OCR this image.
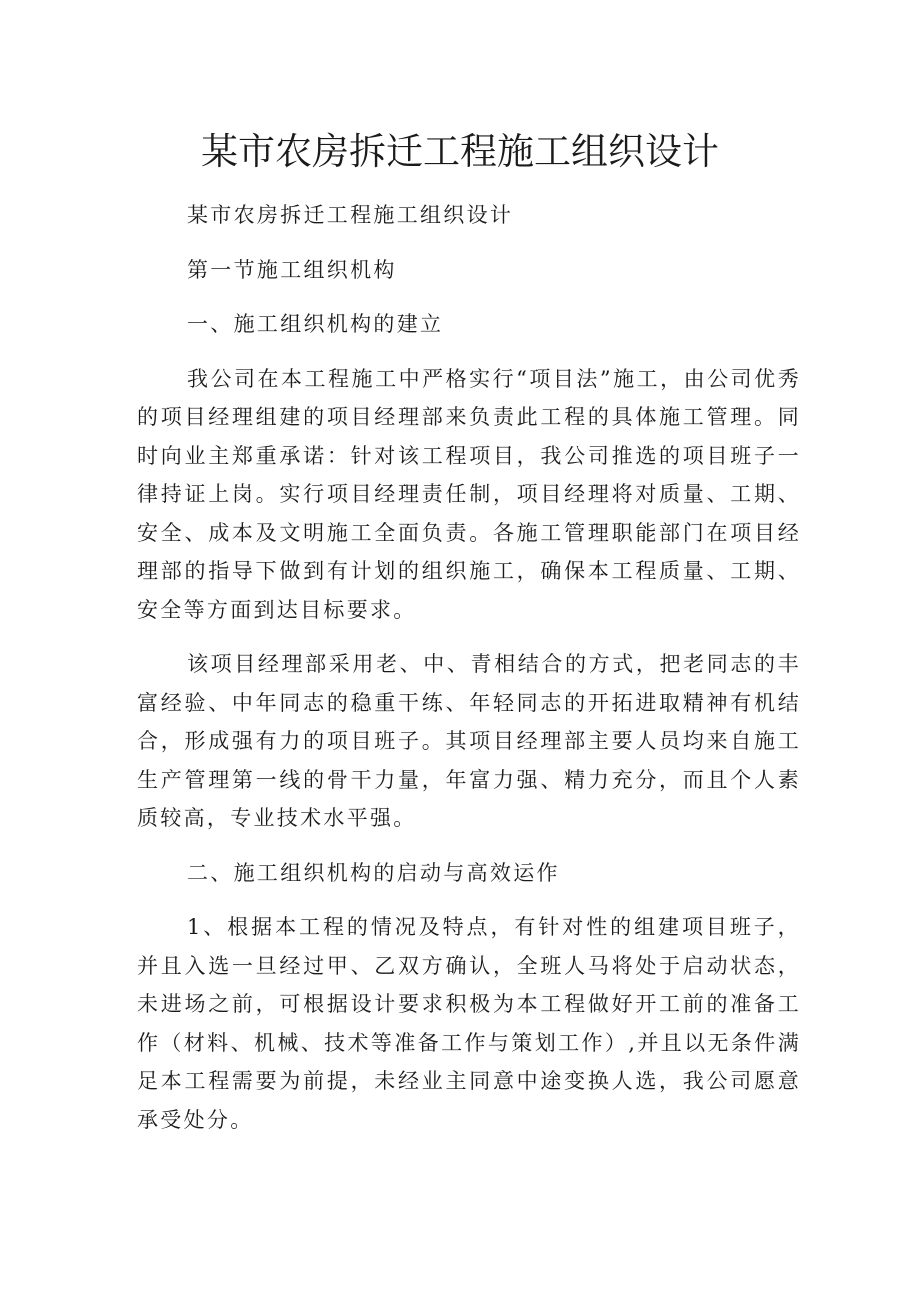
某市农房拆迁工程施工组织设计

某市农房拆迁工程施工组织设计

第一节施工组织机构

一、施工组织机构的建立

我公司在本工程施工中严格实行“项目法”施工，由公司优秀的项目经理组建的项目经理部来负责此工程的具体施工管理。同时向业主郑重承诺：针对该工程项目，我公司推选的项目班子一律持证上岗。实行项目经理责任制，项目经理将对质量、工期、安全、成本及文明施工全面负责。各施工管理职能部门在项目经理部的指导下做到有计划的组织施工，确保本工程质量、工期、安全等方面到达目标要求。

该项目经理部采用老、中、青相结合的方式，把老同志的丰富经验、中年同志的稳重干练、年轻同志的开拓进取精神有机结合，形成强有力的项目班子。其项目经理部主要人员均来自施工生产管理第一线的骨干力量，年富力强、精力充分，而且个人素质较高，专业技术水平强。

二、施工组织机构的启动与高效运作

1、根据本工程的情况及特点，有针对性的组建项目班子，并且入选一旦经过甲、乙双方确认，全班人马将处于启动状态，未进场之前，可根据设计要求积极为本工程做好开工前的准备工作（材料、机械、技术等准备工作与策划工作）,并且以无条件满足本工程需要为前提，未经业主同意中途变换人选，我公司愿意承受处分。
